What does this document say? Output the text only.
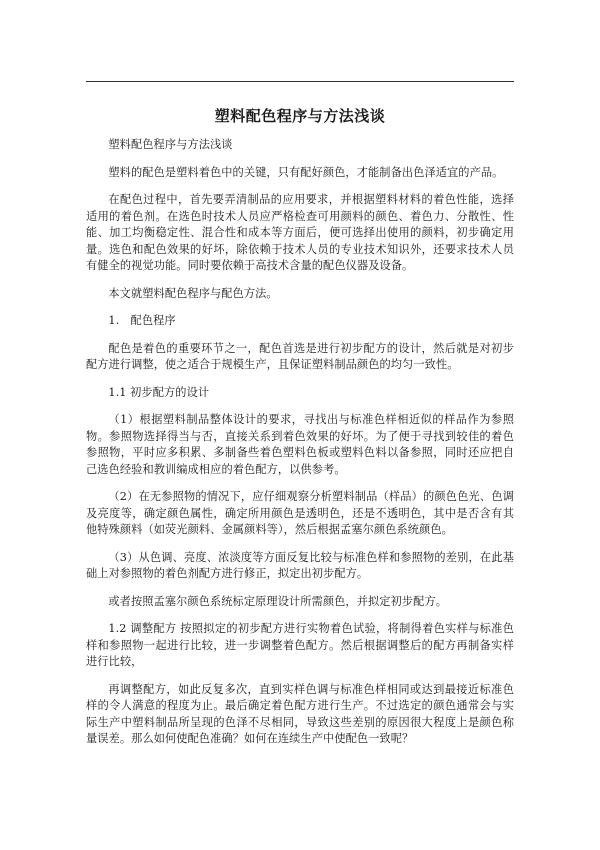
塑料配色程序与方法浅谈

塑料配色程序与方法浅谈

塑料的配色是塑料着色中的关键，只有配好颜色，才能制备出色泽适宜的产品。

在配色过程中，首先要弄清制品的应用要求，并根据塑料材料的着色性能，选择适用的着色剂。在选色时技术人员应严格检查可用颜料的颜色、着色力、分散性、性能、加工均衡稳定性、混合性和成本等方面后，便可选择出使用的颜料，初步确定用量。选色和配色效果的好坏，除依赖于技术人员的专业技术知识外，还要求技术人员有健全的视觉功能。同时要依赖于高技术含量的配色仪器及设备。

本文就塑料配色程序与配色方法。

1.　配色程序

配色是着色的重要环节之一，配色首选是进行初步配方的设计，然后就是对初步配方进行调整，使之适合于规模生产，且保证塑料制品颜色的均匀一致性。

1.1 初步配方的设计

（1）根据塑料制品整体设计的要求，寻找出与标准色样相近似的样品作为参照物。参照物选择得当与否，直接关系到着色效果的好坏。为了便于寻找到较佳的着色参照物，平时应多积累、多制备些着色塑料色板或塑料色料以备参照，同时还应把自己选色经验和教训编成相应的着色配方，以供参考。

（2）在无参照物的情况下，应仔细观察分析塑料制品（样品）的颜色色光、色调及亮度等，确定颜色属性，确定所用颜色是透明色，还是不透明色，其中是否含有其他特殊颜料（如荧光颜料、金属颜料等），然后根据孟塞尔颜色系统颜色。

（3）从色调、亮度、浓淡度等方面反复比较与标准色样和参照物的差别，在此基础上对参照物的着色剂配方进行修正，拟定出初步配方。

或者按照孟塞尔颜色系统标定原理设计所需颜色，并拟定初步配方。

1.2 调整配方 按照拟定的初步配方进行实物着色试验，将制得着色实样与标准色样和参照物一起进行比较，进一步调整着色配方。然后根据调整后的配方再制备实样进行比较，

再调整配方，如此反复多次，直到实样色调与标准色样相同或达到最接近标准色样的令人满意的程度为止。最后确定着色配方进行生产。不过选定的颜色通常会与实际生产中塑料制品所呈现的色泽不尽相同，导致这些差别的原因很大程度上是颜色称量误差。那么如何使配色准确？如何在连续生产中使配色一致呢？
